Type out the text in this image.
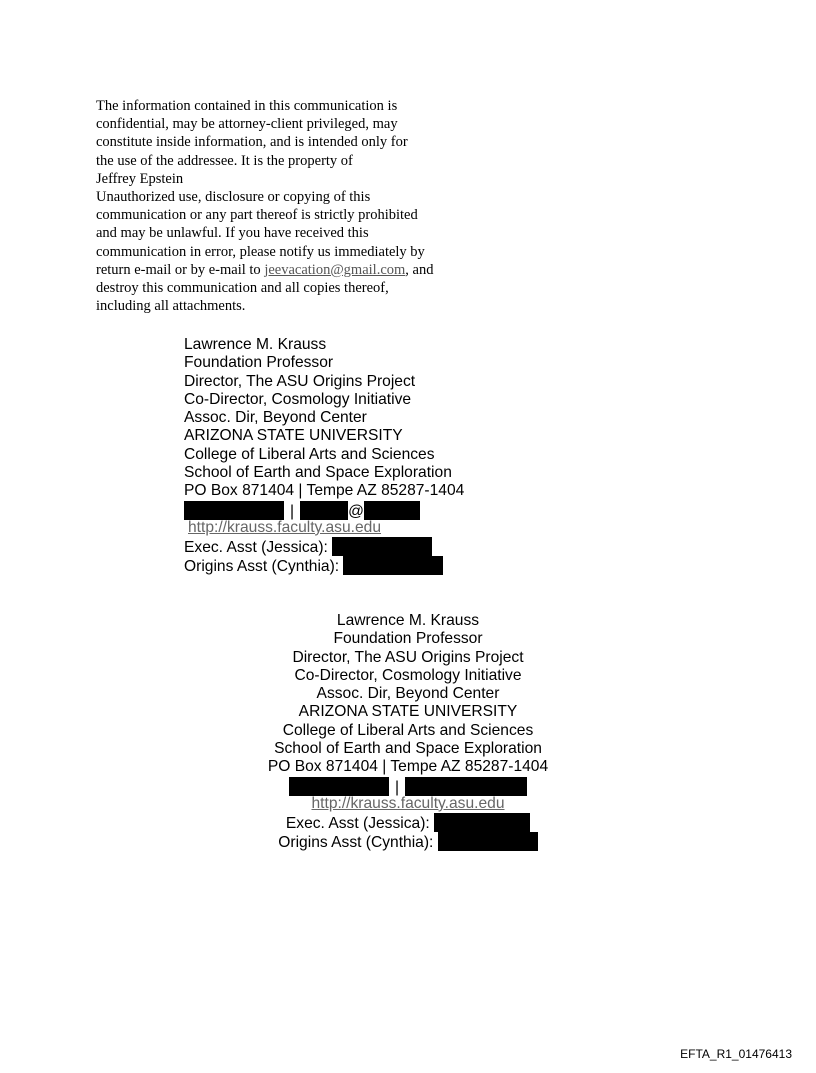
The information contained in this communication is
confidential, may be attorney-client privileged, may
constitute inside information, and is intended only for
the use of the addressee. It is the property of
Jeffrey Epstein
Unauthorized use, disclosure or copying of this
communication or any part thereof is strictly prohibited
and may be unlawful. If you have received this
communication in error, please notify us immediately by
return e-mail or by e-mail to jeevacation@gmail.com, and
destroy this communication and all copies thereof,
including all attachments.
Lawrence M. Krauss
Foundation Professor
Director, The ASU Origins Project
Co-Director, Cosmology Initiative
Assoc. Dir, Beyond Center
ARIZONA STATE UNIVERSITY
College of Liberal Arts and Sciences
School of Earth and Space Exploration
PO Box 871404 | Tempe AZ 85287-1404
|	@
http://krauss.faculty.asu.edu
Exec. Asst (Jessica):
Origins Asst (Cynthia):
Lawrence M. Krauss
Foundation Professor
Director, The ASU Origins Project
Co-Director, Cosmology Initiative
Assoc. Dir, Beyond Center
ARIZONA STATE UNIVERSITY
College of Liberal Arts and Sciences
School of Earth and Space Exploration
PO Box 871404 | Tempe AZ 85287-1404
|
http://krauss.faculty.asu.edu
Exec. Asst (Jessica):
Origins Asst (Cynthia):
EFTA_R1_01476413
